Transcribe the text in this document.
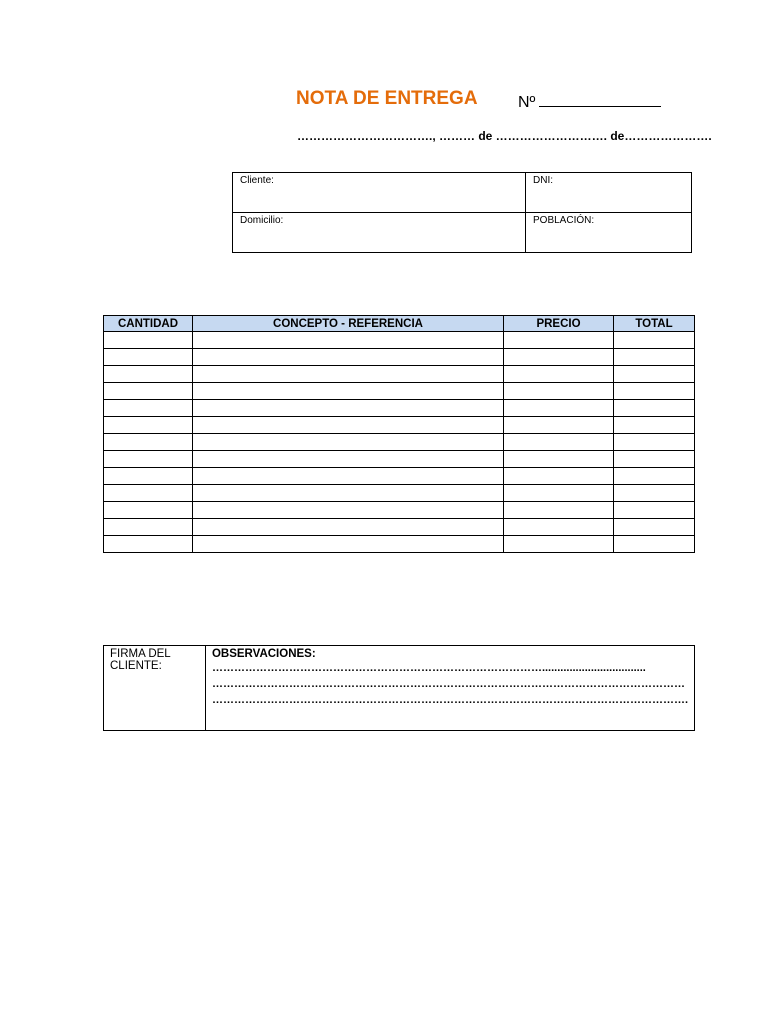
NOTA DE ENTREGA	Nº
……………………………., ……… de ………………………. de………………….
Cliente:	DNI:
Domicilio:	POBLACIÓN:
CANTIDAD	CONCEPTO - REFERENCIA	PRECIO	TOTAL

FIRMA DEL CLIENTE:

OBSERVACIONES:
………………………………………………………………………………..................................
…………………………………………………………………………………………………………………
………………………………………………………………………………………………………………….
